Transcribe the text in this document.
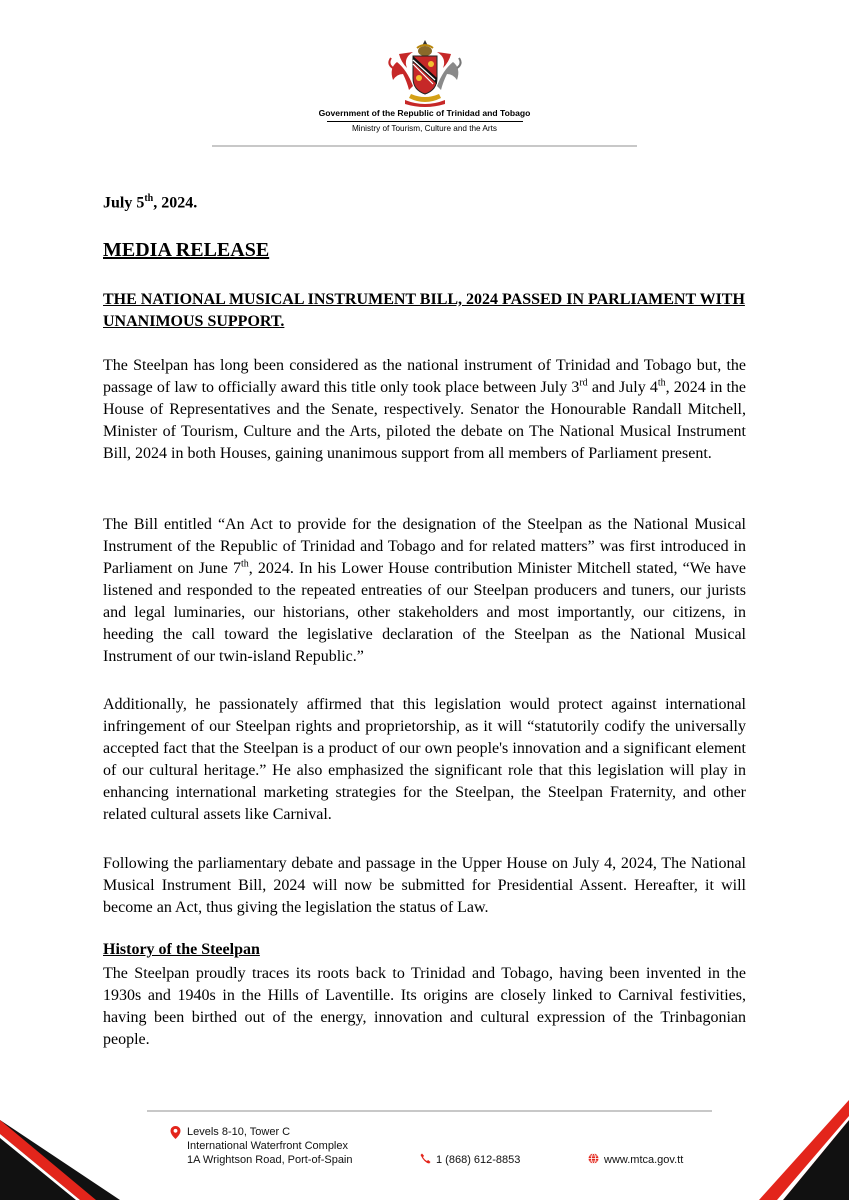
Government of the Republic of Trinidad and Tobago
Ministry of Tourism, Culture and the Arts
July 5th, 2024.
MEDIA RELEASE
THE NATIONAL MUSICAL INSTRUMENT BILL, 2024 PASSED IN PARLIAMENT WITH UNANIMOUS SUPPORT.

The Steelpan has long been considered as the national instrument of Trinidad and Tobago but, the passage of law to officially award this title only took place between July 3rd and July 4th, 2024 in the House of Representatives and the Senate, respectively. Senator the Honourable Randall Mitchell, Minister of Tourism, Culture and the Arts, piloted the debate on The National Musical Instrument Bill, 2024 in both Houses, gaining unanimous support from all members of Parliament present.

The Bill entitled “An Act to provide for the designation of the Steelpan as the National Musical Instrument of the Republic of Trinidad and Tobago and for related matters” was first introduced in Parliament on June 7th, 2024. In his Lower House contribution Minister Mitchell stated, “We have listened and responded to the repeated entreaties of our Steelpan producers and tuners, our jurists and legal luminaries, our historians, other stakeholders and most importantly, our citizens, in heeding the call toward the legislative declaration of the Steelpan as the National Musical Instrument of our twin-island Republic.”

Additionally, he passionately affirmed that this legislation would protect against international infringement of our Steelpan rights and proprietorship, as it will “statutorily codify the universally accepted fact that the Steelpan is a product of our own people's innovation and a significant element of our cultural heritage.” He also emphasized the significant role that this legislation will play in enhancing international marketing strategies for the Steelpan, the Steelpan Fraternity, and other related cultural assets like Carnival.

Following the parliamentary debate and passage in the Upper House on July 4, 2024, The National Musical Instrument Bill, 2024 will now be submitted for Presidential Assent. Hereafter, it will become an Act, thus giving the legislation the status of Law.

History of the Steelpan

The Steelpan proudly traces its roots back to Trinidad and Tobago, having been invented in the 1930s and 1940s in the Hills of Laventille. Its origins are closely linked to Carnival festivities, having been birthed out of the energy, innovation and cultural expression of the Trinbagonian people.

Levels 8-10, Tower C
International Waterfront Complex
1A Wrightson Road, Port-of-Spain	1 (868) 612-8853	www.mtca.gov.tt
